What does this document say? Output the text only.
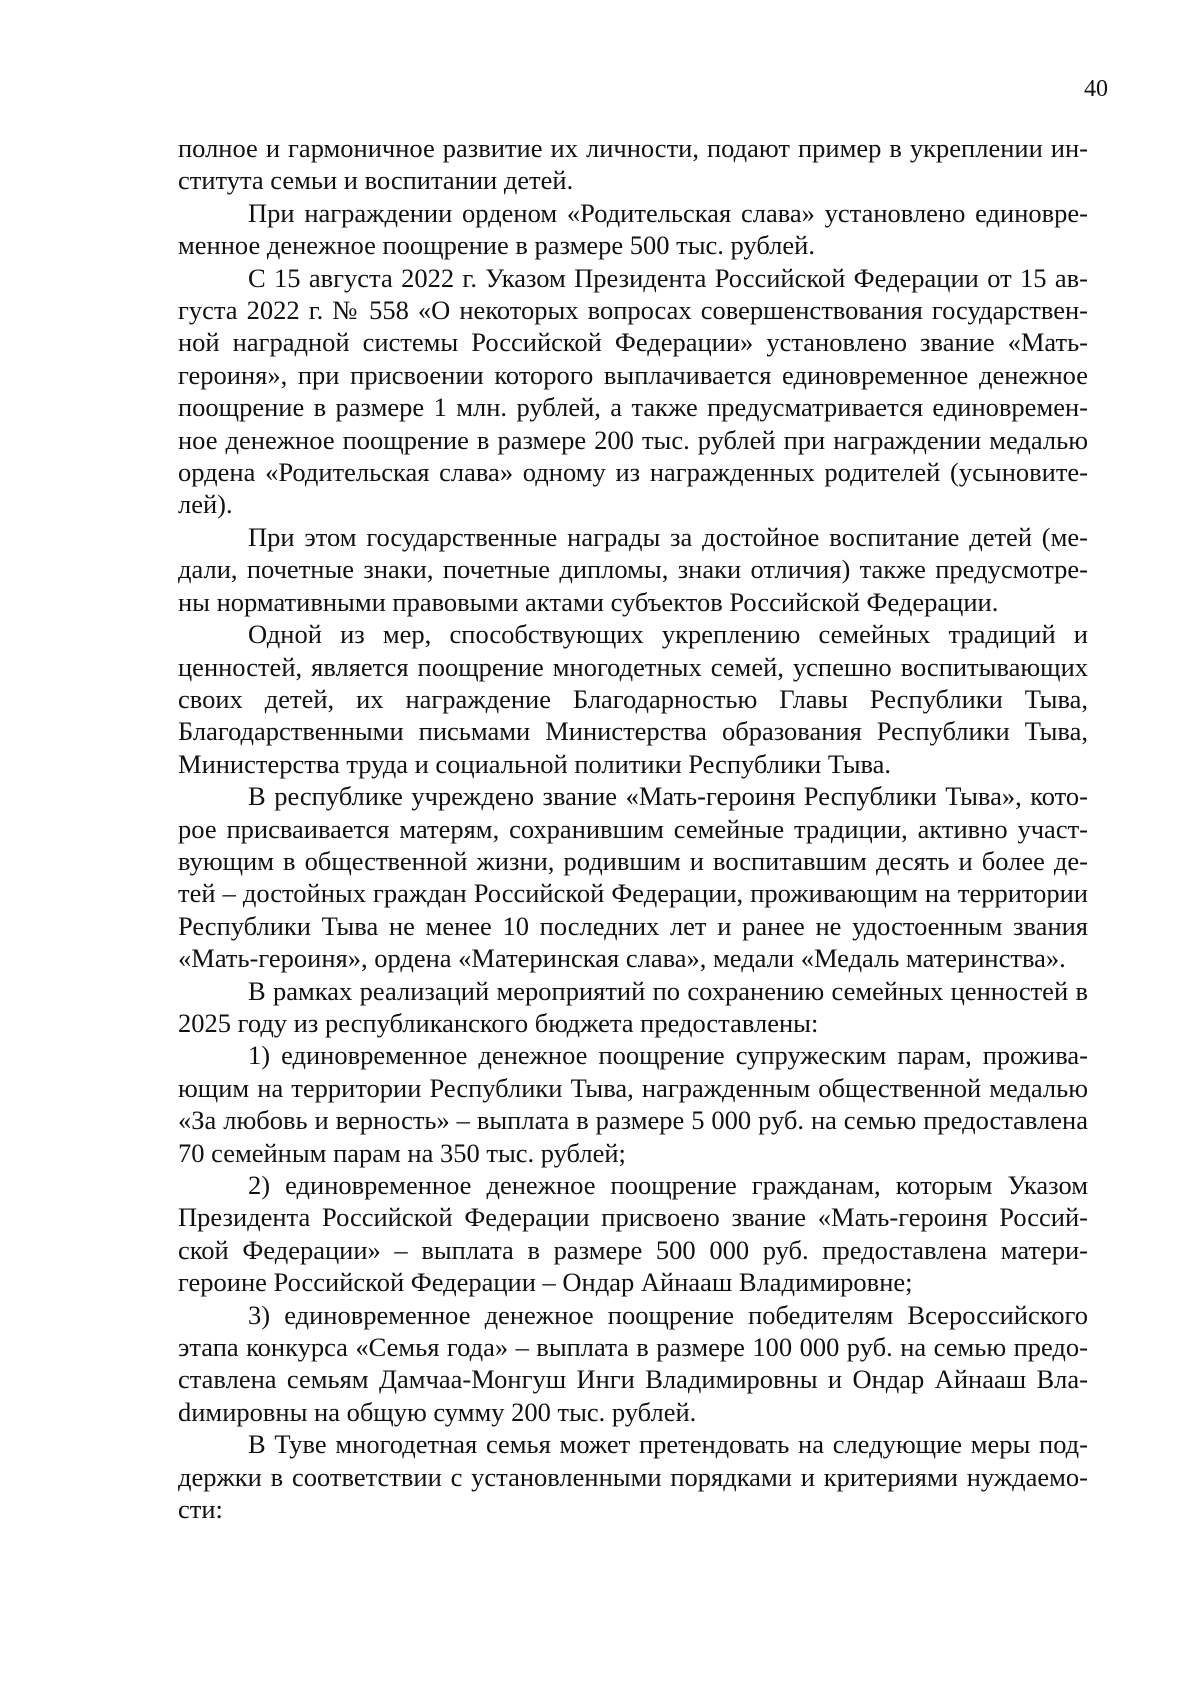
40

полное и гармоничное развитие их личности, подают пример в укреплении института семьи и воспитании детей.

При награждении орденом «Родительская слава» установлено единовременное денежное поощрение в размере 500 тыс. рублей.

С 15 августа 2022 г. Указом Президента Российской Федерации от 15 августа 2022 г. № 558 «О некоторых вопросах совершенствования государственной наградной системы Российской Федерации» установлено звание «Мать-героиня», при присвоении которого выплачивается единовременное денежное поощрение в размере 1 млн. рублей, а также предусматривается единовременное денежное поощрение в размере 200 тыс. рублей при награждении медалью ордена «Родительская слава» одному из награжденных родителей (усыновителей).

При этом государственные награды за достойное воспитание детей (медали, почетные знаки, почетные дипломы, знаки отличия) также предусмотрены нормативными правовыми актами субъектов Российской Федерации.

Одной из мер, способствующих укреплению семейных традиций и ценностей, является поощрение многодетных семей, успешно воспитывающих своих детей, их награждение Благодарностью Главы Республики Тыва, Благодарственными письмами Министерства образования Республики Тыва, Министерства труда и социальной политики Республики Тыва.

В республике учреждено звание «Мать-героиня Республики Тыва», которое присваивается матерям, сохранившим семейные традиции, активно участвующим в общественной жизни, родившим и воспитавшим десять и более детей – достойных граждан Российской Федерации, проживающим на территории Республики Тыва не менее 10 последних лет и ранее не удостоенным звания «Мать-героиня», ордена «Материнская слава», медали «Медаль материнства».

В рамках реализаций мероприятий по сохранению семейных ценностей в 2025 году из республиканского бюджета предоставлены:

1) единовременное денежное поощрение супружеским парам, проживающим на территории Республики Тыва, награжденным общественной медалью «За любовь и верность» – выплата в размере 5 000 руб. на семью предоставлена 70 семейным парам на 350 тыс. рублей;

2) единовременное денежное поощрение гражданам, которым Указом Президента Российской Федерации присвоено звание «Мать-героиня Российской Федерации» – выплата в размере 500 000 руб. предоставлена матери-героине Российской Федерации – Ондар Айнааш Владимировне;

3) единовременное денежное поощрение победителям Всероссийского этапа конкурса «Семья года» – выплата в размере 100 000 руб. на семью предоставлена семьям Дамчаа-Монгуш Инги Владимировны и Ондар Айнааш Влаdимировны на общую сумму 200 тыс. рублей.

В Туве многодетная семья может претендовать на следующие меры поддержки в соответствии с установленными порядками и критериями нуждаемости:
